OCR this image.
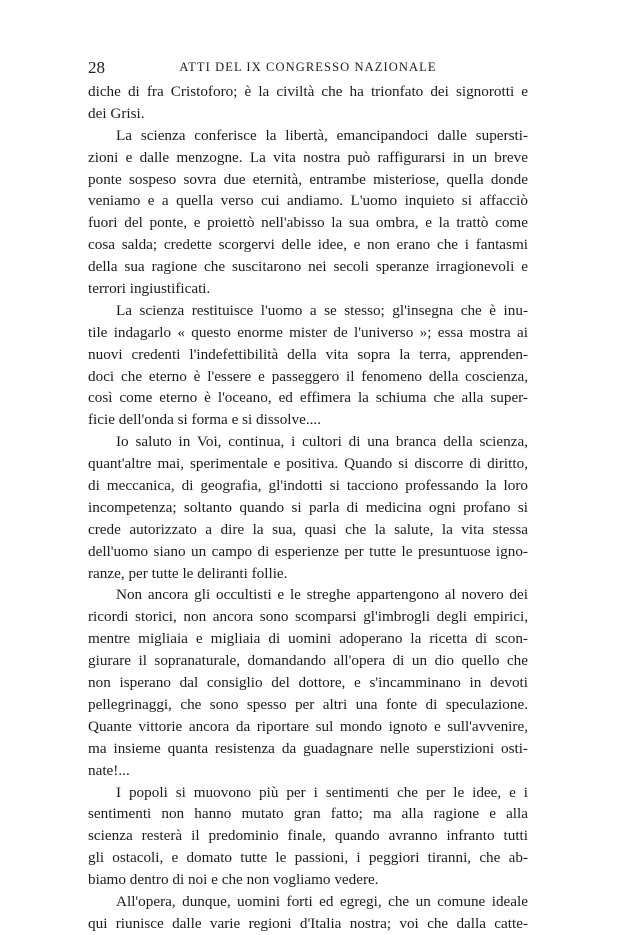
28	ATTI DEL IX CONGRESSO NAZIONALE
diche di fra Cristoforo; è la civiltà che ha trionfato dei signorotti e
dei Grisi.
La scienza conferisce la libertà, emancipandoci dalle supersti-
zioni e dalle menzogne. La vita nostra può raffigurarsi in un breve
ponte sospeso sovra due eternità, entrambe misteriose, quella donde
veniamo e a quella verso cui andiamo. L'uomo inquieto si affacciò
fuori del ponte, e proiettò nell'abisso la sua ombra, e la trattò come
cosa salda; credette scorgervi delle idee, e non erano che i fantasmi
della sua ragione che suscitarono nei secoli speranze irragionevoli e
terrori ingiustificati.
La scienza restituisce l'uomo a se stesso; gl'insegna che è inu-
tile indagarlo « questo enorme mister de l'universo »; essa mostra ai
nuovi credenti l'indefettibilità della vita sopra la terra, apprenden-
doci che eterno è l'essere e passeggero il fenomeno della coscienza,
così come eterno è l'oceano, ed effimera la schiuma che alla super-
ficie dell'onda si forma e si dissolve....
Io saluto in Voi, continua, i cultori di una branca della scienza,
quant'altre mai, sperimentale e positiva. Quando si discorre di diritto,
di meccanica, di geografia, gl'indotti si tacciono professando la loro
incompetenza; soltanto quando si parla di medicina ogni profano si
crede autorizzato a dire la sua, quasi che la salute, la vita stessa
dell'uomo siano un campo di esperienze per tutte le presuntuose igno-
ranze, per tutte le deliranti follie.
Non ancora gli occultisti e le streghe appartengono al novero dei
ricordi storici, non ancora sono scomparsi gl'imbrogli degli empirici,
mentre migliaia e migliaia di uomini adoperano la ricetta di scon-
giurare il sopranaturale, domandando all'opera di un dio quello che
non isperano dal consiglio del dottore, e s'incamminano in devoti
pellegrinaggi, che sono spesso per altri una fonte di speculazione.
Quante vittorie ancora da riportare sul mondo ignoto e sull'avvenire,
ma insieme quanta resistenza da guadagnare nelle superstizioni osti-
nate!...
I popoli si muovono più per i sentimenti che per le idee, e i
sentimenti non hanno mutato gran fatto; ma alla ragione e alla
scienza resterà il predominio finale, quando avranno infranto tutti
gli ostacoli, e domato tutte le passioni, i peggiori tiranni, che ab-
biamo dentro di noi e che non vogliamo vedere.
All'opera, dunque, uomini forti ed egregi, che un comune ideale
qui riunisce dalle varie regioni d'Italia nostra; voi che dalla catte-
